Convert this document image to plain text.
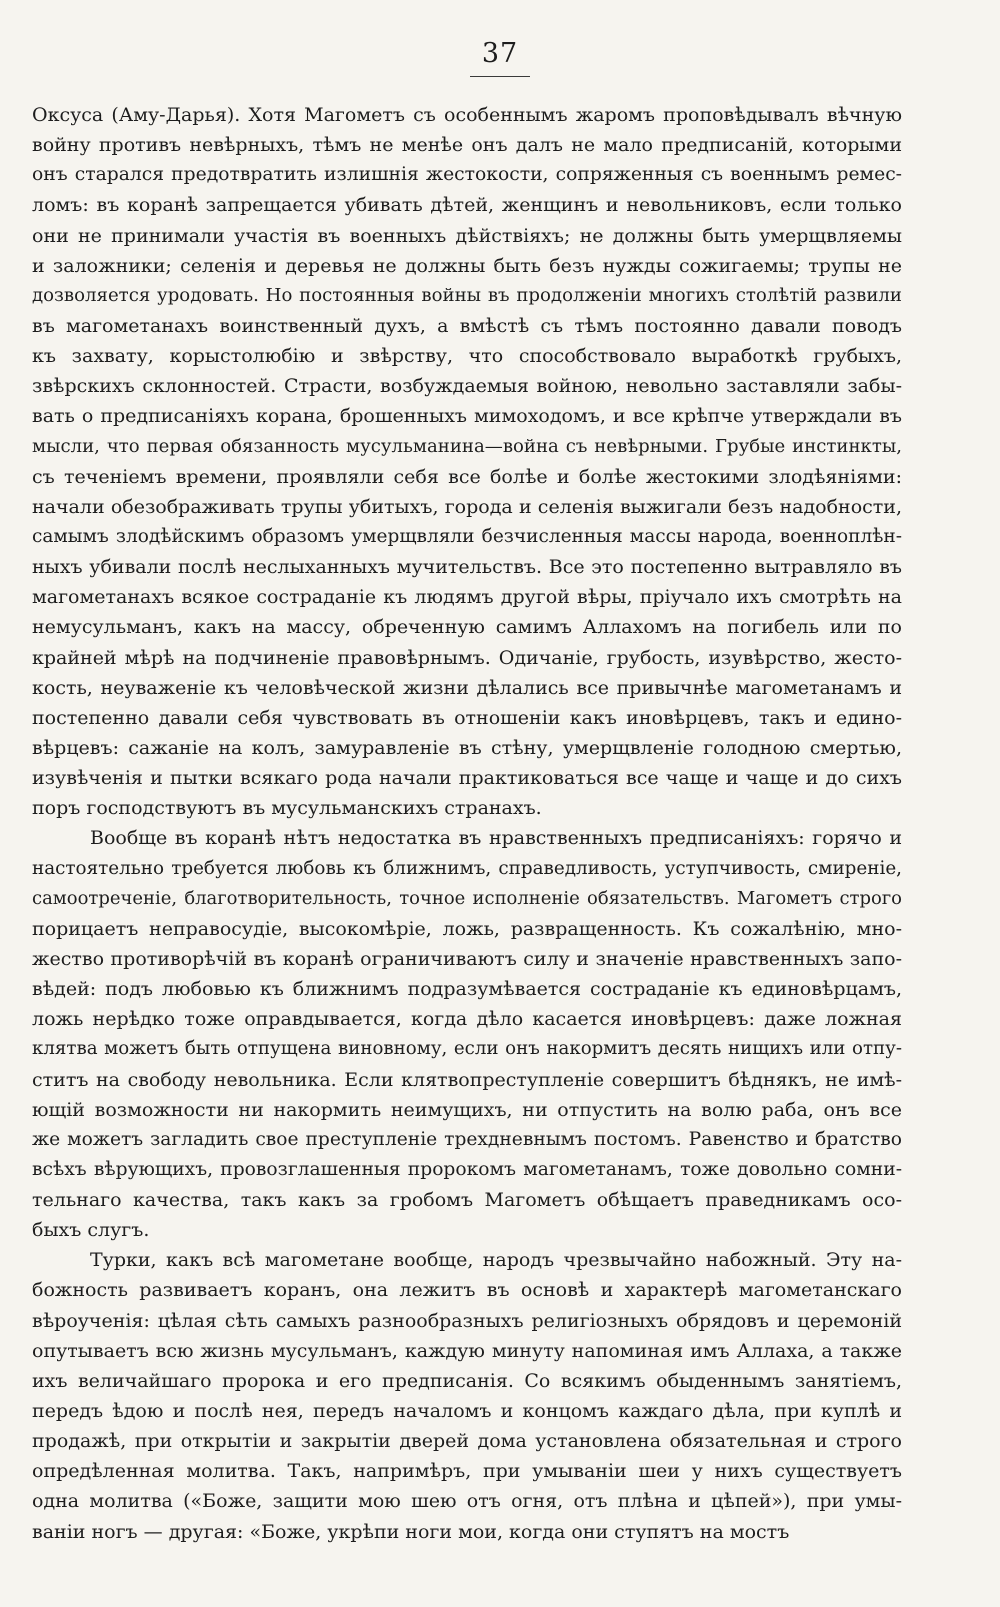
37
Оксуса (Аму-Дарья). Хотя Магометъ съ особеннымъ жаромъ проповѣдывалъ вѣчную
войну противъ невѣрныхъ, тѣмъ не менѣе онъ далъ не мало предписаній, которыми
онъ старался предотвратить излишнія жестокости, сопряженныя съ военнымъ ремес-
ломъ: въ коранѣ запрещается убивать дѣтей, женщинъ и невольниковъ, если только
они не принимали участія въ военныхъ дѣйствіяхъ; не должны быть умерщвляемы
и заложники; селенія и деревья не должны быть безъ нужды сожигаемы; трупы не
дозволяется уродовать. Но постоянныя войны въ продолженіи многихъ столѣтій развили
въ магометанахъ воинственный духъ, а вмѣстѣ съ тѣмъ постоянно давали поводъ
къ захвату, корыстолюбію и звѣрству, что способствовало выработкѣ грубыхъ,
звѣрскихъ склонностей. Страсти, возбуждаемыя войною, невольно заставляли забы-
вать о предписаніяхъ корана, брошенныхъ мимоходомъ, и все крѣпче утверждали въ
мысли, что первая обязанность мусульманина—война съ невѣрными. Грубые инстинкты,
съ теченіемъ времени, проявляли себя все болѣе и болѣе жестокими злодѣяніями:
начали обезображивать трупы убитыхъ, города и селенія выжигали безъ надобности,
самымъ злодѣйскимъ образомъ умерщвляли безчисленныя массы народа, военноплѣн-
ныхъ убивали послѣ неслыханныхъ мучительствъ. Все это постепенно вытравляло въ
магометанахъ всякое состраданіе къ людямъ другой вѣры, пріучало ихъ смотрѣть на
немусульманъ, какъ на массу, обреченную самимъ Аллахомъ на погибель или по
крайней мѣрѣ на подчиненіе правовѣрнымъ. Одичаніе, грубость, изувѣрство, жесто-
кость, неуваженіе къ человѣческой жизни дѣлались все привычнѣе магометанамъ и
постепенно давали себя чувствовать въ отношеніи какъ иновѣрцевъ, такъ и едино-
вѣрцевъ: сажаніе на колъ, замуравленіе въ стѣну, умерщвленіе голодною смертью,
изувѣченія и пытки всякаго рода начали практиковаться все чаще и чаще и до сихъ
поръ господствуютъ въ мусульманскихъ странахъ.
Вообще въ коранѣ нѣтъ недостатка въ нравственныхъ предписаніяхъ: горячо и
настоятельно требуется любовь къ ближнимъ, справедливость, уступчивость, смиреніе,
самоотреченіе, благотворительность, точное исполненіе обязательствъ. Магометъ строго
порицаетъ неправосудіе, высокомѣріе, ложь, развращенность. Къ сожалѣнію, мно-
жество противорѣчій въ коранѣ ограничиваютъ силу и значеніе нравственныхъ запо-
вѣдей: подъ любовью къ ближнимъ подразумѣвается состраданіе къ единовѣрцамъ,
ложь нерѣдко тоже оправдывается, когда дѣло касается иновѣрцевъ: даже ложная
клятва можетъ быть отпущена виновному, если онъ накормитъ десять нищихъ или отпу-
ститъ на свободу невольника. Если клятвопреступленіе совершитъ бѣднякъ, не имѣ-
ющій возможности ни накормить неимущихъ, ни отпустить на волю раба, онъ все
же можетъ загладить свое преступленіе трехдневнымъ постомъ. Равенство и братство
всѣхъ вѣрующихъ, провозглашенныя пророкомъ магометанамъ, тоже довольно сомни-
тельнаго качества, такъ какъ за гробомъ Магометъ обѣщаетъ праведникамъ осо-
быхъ слугъ.
Турки, какъ всѣ магометане вообще, народъ чрезвычайно набожный. Эту на-
божность развиваетъ коранъ, она лежитъ въ основѣ и характерѣ магометанскаго
вѣроученія: цѣлая сѣть самыхъ разнообразныхъ религіозныхъ обрядовъ и церемоній
опутываетъ всю жизнь мусульманъ, каждую минуту напоминая имъ Аллаха, а также
ихъ величайшаго пророка и его предписанія. Со всякимъ обыденнымъ занятіемъ,
передъ ѣдою и послѣ нея, передъ началомъ и концомъ каждаго дѣла, при куплѣ и
продажѣ, при открытіи и закрытіи дверей дома установлена обязательная и строго
опредѣленная молитва. Такъ, напримѣръ, при умываніи шеи у нихъ существуетъ
одна молитва («Боже, защити мою шею отъ огня, отъ плѣна и цѣпей»), при умы-
ваніи ногъ — другая: «Боже, укрѣпи ноги мои, когда они ступятъ на мостъ
